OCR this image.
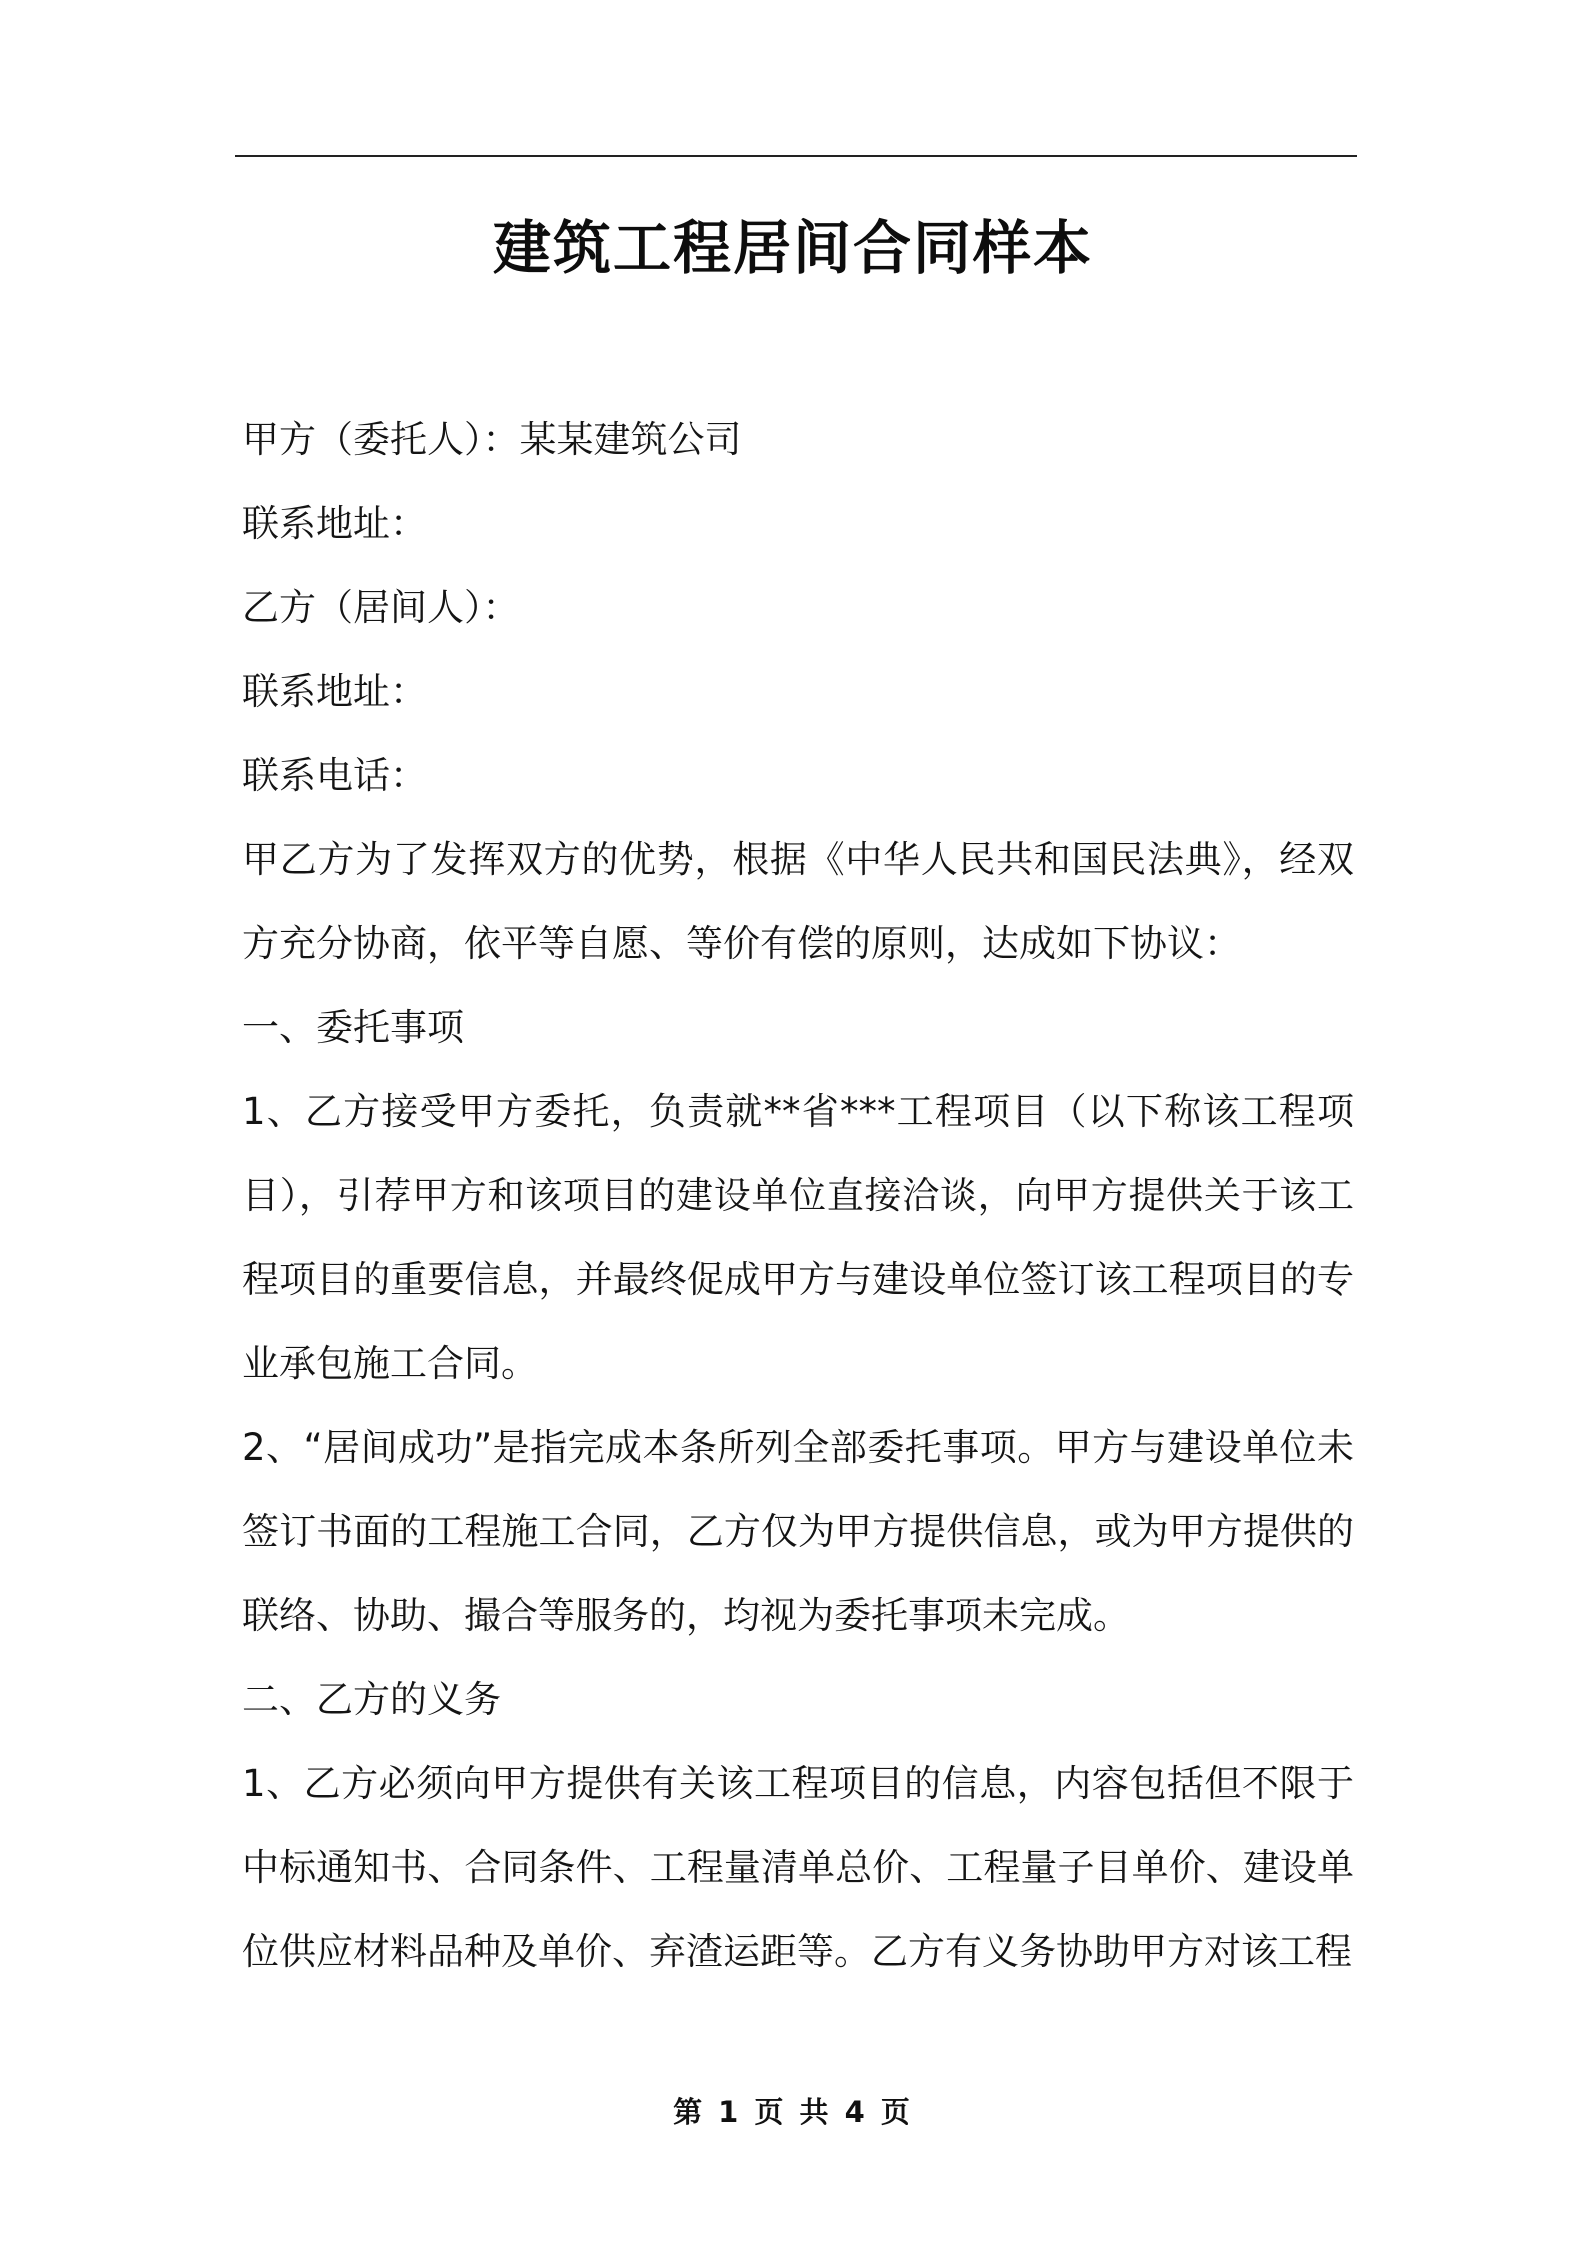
建筑工程居间合同样本

甲方（委托人）：某某建筑公司

联系地址：

乙方（居间人）：

联系地址：

联系电话：

甲乙方为了发挥双方的优势，根据《中华人民共和国民法典》，经双方充分协商，依平等自愿、等价有偿的原则，达成如下协议：

一、委托事项

1、乙方接受甲方委托，负责就**省***工程项目（以下称该工程项目），引荐甲方和该项目的建设单位直接洽谈，向甲方提供关于该工程项目的重要信息，并最终促成甲方与建设单位签订该工程项目的专业承包施工合同。

2、“居间成功”是指完成本条所列全部委托事项。甲方与建设单位未签订书面的工程施工合同，乙方仅为甲方提供信息，或为甲方提供的联络、协助、撮合等服务的，均视为委托事项未完成。

二、乙方的义务

1、乙方必须向甲方提供有关该工程项目的信息，内容包括但不限于中标通知书、合同条件、工程量清单总价、工程量子目单价、建设单位供应材料品种及单价、弃渣运距等。乙方有义务协助甲方对该工程

第 1 页 共 4 页
